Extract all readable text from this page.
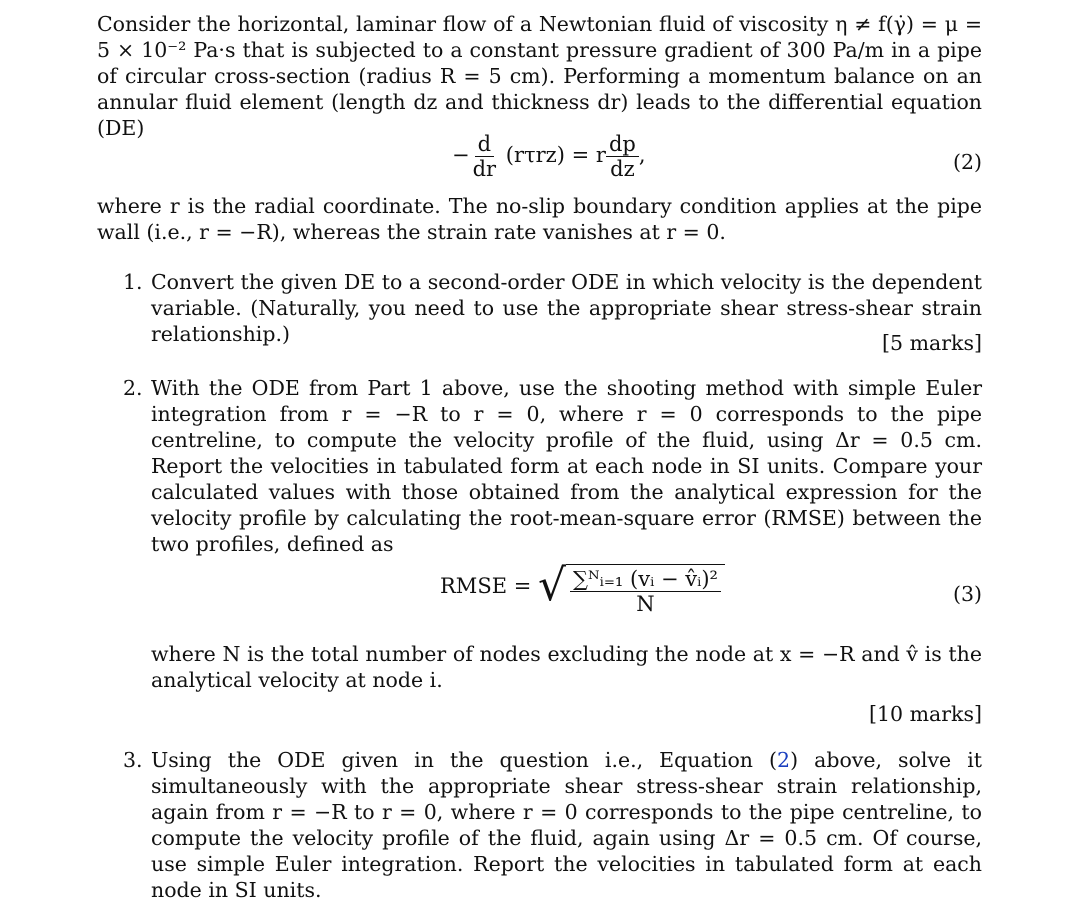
Consider the horizontal, laminar flow of a Newtonian fluid of viscosity η ≠ f(γ̇) = μ = 5 × 10⁻² Pa·s that is subjected to a constant pressure gradient of 300 Pa/m in a pipe of circular cross-section (radius R = 5 cm). Performing a momentum balance on an annular fluid element (length dz and thickness dr) leads to the differential equation (DE)

− $\frac{d}{dr} (r\tau rz) = r \frac{dp}{dz}$ ,	(2)

where r is the radial coordinate. The no-slip boundary condition applies at the pipe wall (i.e., r = −R), whereas the strain rate vanishes at r = 0.

1. Convert the given DE to a second-order ODE in which velocity is the dependent variable. (Naturally, you need to use the appropriate shear stress-shear strain relationship.)	[5 marks]
2. With the ODE from Part 1 above, use the shooting method with simple Euler integration from r = −R to r = 0, where r = 0 corresponds to the pipe centreline, to compute the velocity profile of the fluid, using Δr = 0.5 cm. Report the velocities in tabulated form at each node in SI units. Compare your calculated values with those obtained from the analytical expression for the velocity profile by calculating the root-mean-square error (RMSE) between the two profiles, defined as
RMSE = √ $\frac{\text{∑ᴺᵢ₌₁ (vᵢ − v̂ᵢ)²}}{N}$	(3)
where N is the total number of nodes excluding the node at x = −R and v̂ is the analytical velocity at node i.
[10 marks]
3. Using the ODE given in the question i.e., Equation (2) above, solve it simultaneously with the appropriate shear stress-shear strain relationship, again from r = −R to r = 0, where r = 0 corresponds to the pipe centreline, to compute the velocity profile of the fluid, again using Δr = 0.5 cm. Of course, use simple Euler integration. Report the velocities in tabulated form at each node in SI units.
